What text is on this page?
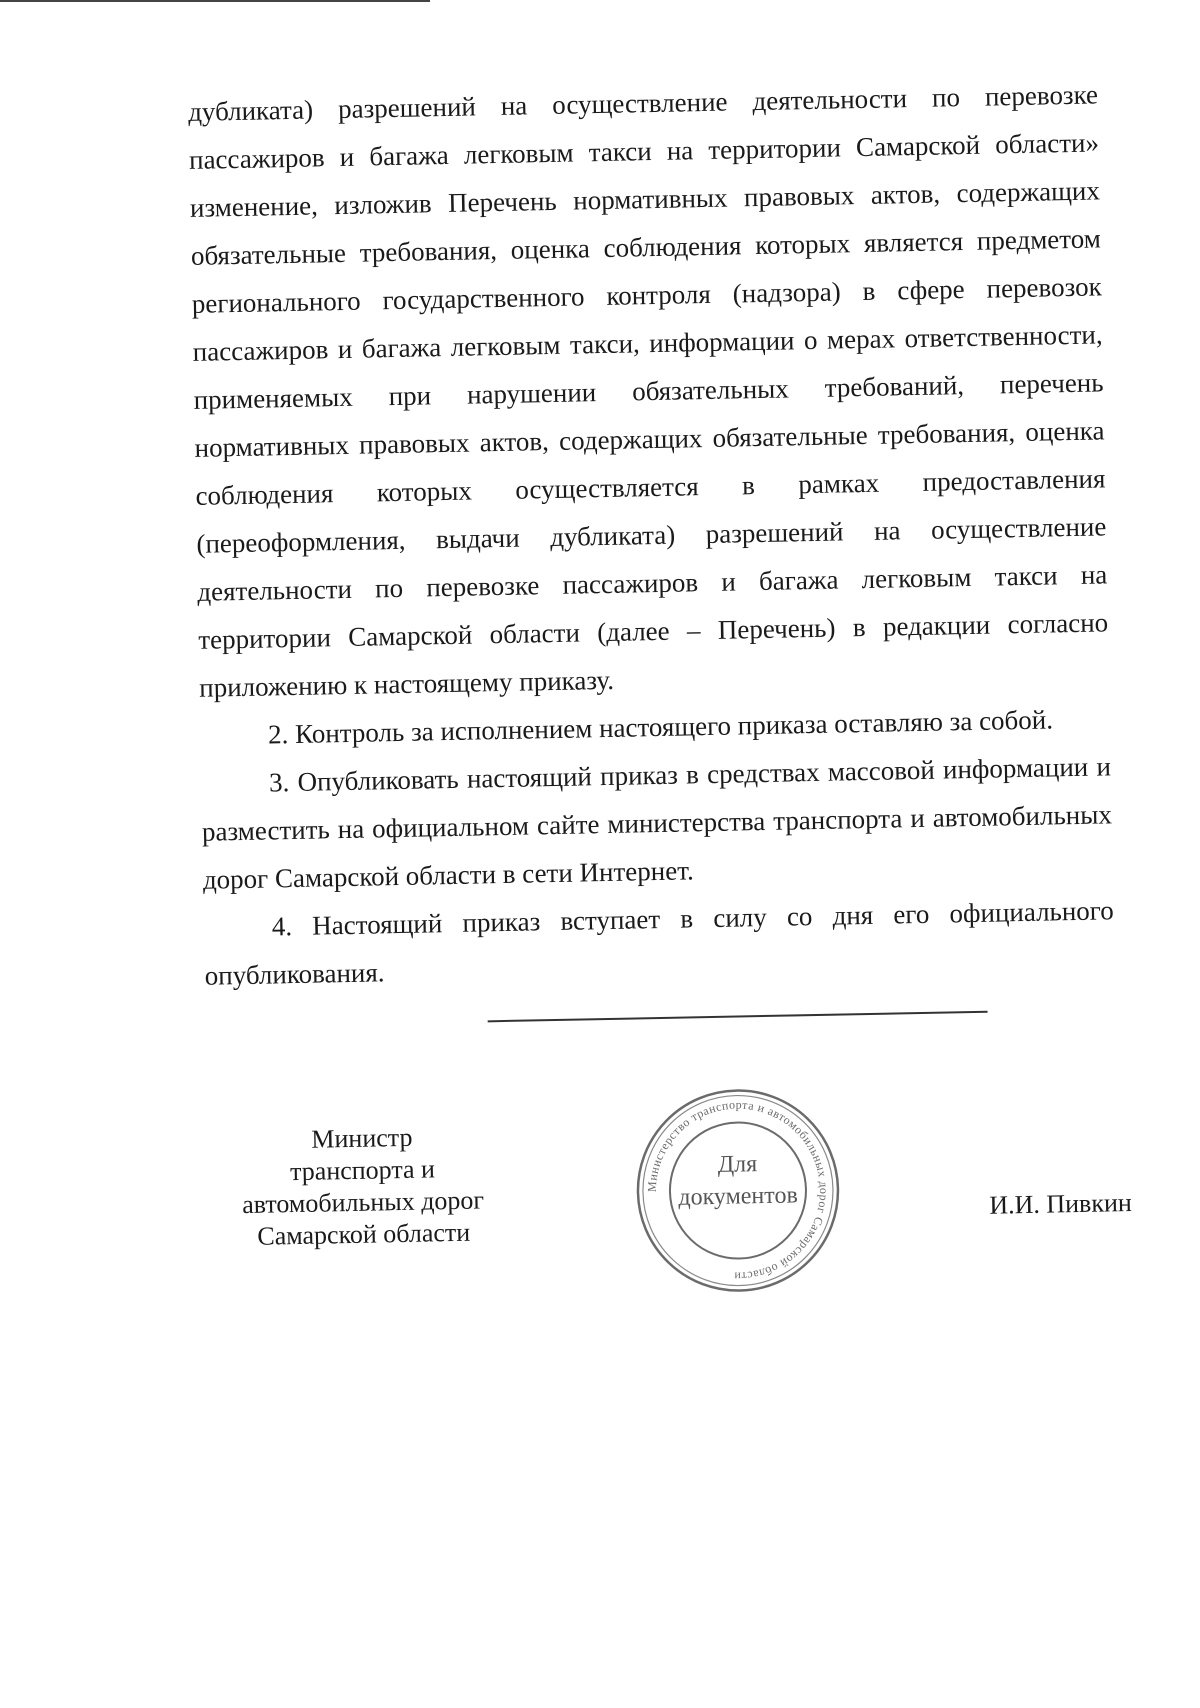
дубликата) разрешений на осуществление деятельности по перевозке пассажиров и багажа легковым такси на территории Самарской области» изменение, изложив Перечень нормативных правовых актов, содержащих обязательные требования, оценка соблюдения которых является предметом регионального государственного контроля (надзора) в сфере перевозок пассажиров и багажа легковым такси, информации о мерах ответственности, применяемых при нарушении обязательных требований, перечень нормативных правовых актов, содержащих обязательные требования, оценка соблюдения которых осуществляется в рамках предоставления (переоформления, выдачи дубликата) разрешений на осуществление деятельности по перевозке пассажиров и багажа легковым такси на территории Самарской области (далее – Перечень) в редакции согласно приложению к настоящему приказу.

2. Контроль за исполнением настоящего приказа оставляю за собой.

3. Опубликовать настоящий приказ в средствах массовой информации и разместить на официальном сайте министерства транспорта и автомобильных дорог Самарской области в сети Интернет.

4. Настоящий приказ вступает в силу со дня его официального опубликования.

Министр
транспорта и
автомобильных дорог
Самарской области
Министерство транспорта и автомобильных дорог Самарской области
Для
документов	И.И. Пивкин
